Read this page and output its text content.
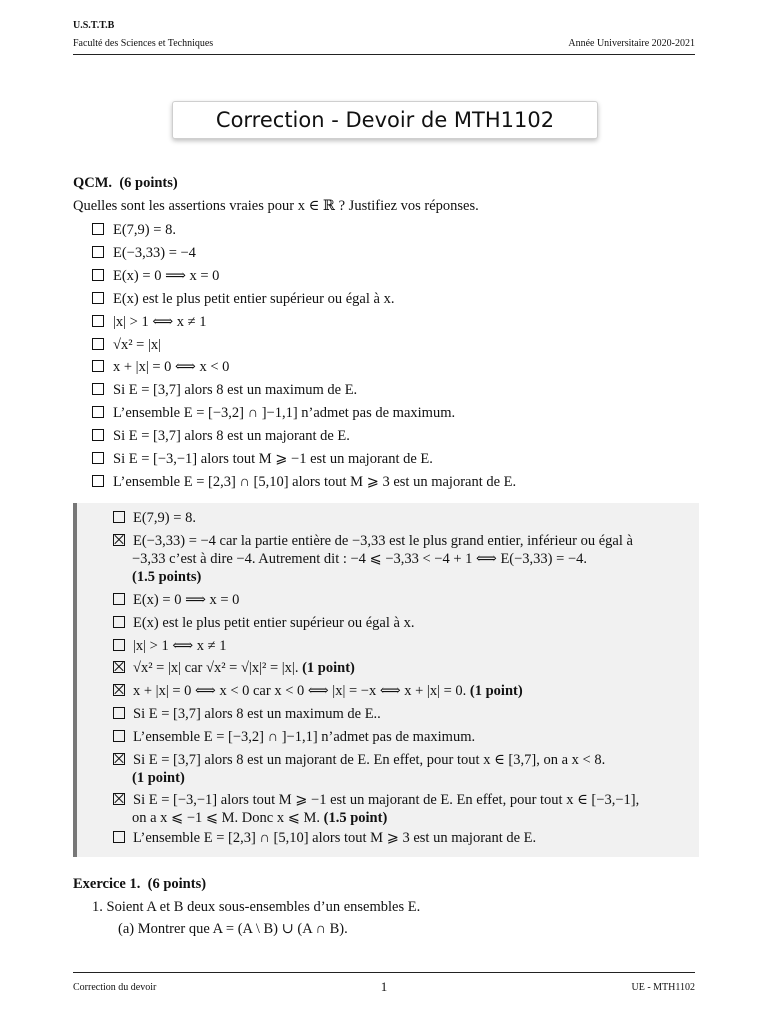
U.S.T.T.B
Faculté des Sciences et Techniques	Année Universitaire 2020-2021
Correction - Devoir de MTH1102
QCM. (6 points)
Quelles sont les assertions vraies pour x ∈ ℝ ? Justifiez vos réponses.
E(7,9) = 8.
E(−3,33) = −4
E(x) = 0 ⟹ x = 0
E(x) est le plus petit entier supérieur ou égal à x.
|x| > 1 ⟺ x ≠ 1
√x² = |x|
x + |x| = 0 ⟺ x < 0
Si E = [3,7] alors 8 est un maximum de E.
L’ensemble E = [−3,2] ∩ ]−1,1] n’admet pas de maximum.
Si E = [3,7] alors 8 est un majorant de E.
Si E = [−3,−1] alors tout M ⩾ −1 est un majorant de E.
L’ensemble E = [2,3] ∩ [5,10] alors tout M ⩾ 3 est un majorant de E.
E(7,9) = 8.
E(−3,33) = −4 car la partie entière de −3,33 est le plus grand entier, inférieur ou égal à
−3,33 c’est à dire −4. Autrement dit : −4 ⩽ −3,33 < −4 + 1 ⟺ E(−3,33) = −4.
(1.5 points)
E(x) = 0 ⟹ x = 0
E(x) est le plus petit entier supérieur ou égal à x.
|x| > 1 ⟺ x ≠ 1
√x² = |x| car √x² = √|x|² = |x|. (1 point)
x + |x| = 0 ⟺ x < 0 car x < 0 ⟺ |x| = −x ⟺ x + |x| = 0. (1 point)
Si E = [3,7] alors 8 est un maximum de E..
L’ensemble E = [−3,2] ∩ ]−1,1] n’admet pas de maximum.
Si E = [3,7] alors 8 est un majorant de E. En effet, pour tout x ∈ [3,7], on a x < 8.
(1 point)
Si E = [−3,−1] alors tout M ⩾ −1 est un majorant de E. En effet, pour tout x ∈ [−3,−1],
on a x ⩽ −1 ⩽ M. Donc x ⩽ M. (1.5 point)
L’ensemble E = [2,3] ∩ [5,10] alors tout M ⩾ 3 est un majorant de E.
Exercice 1. (6 points)
1. Soient A et B deux sous-ensembles d’un ensembles E.
(a) Montrer que A = (A \ B) ∪ (A ∩ B).
Correction du devoir	1	UE - MTH1102
